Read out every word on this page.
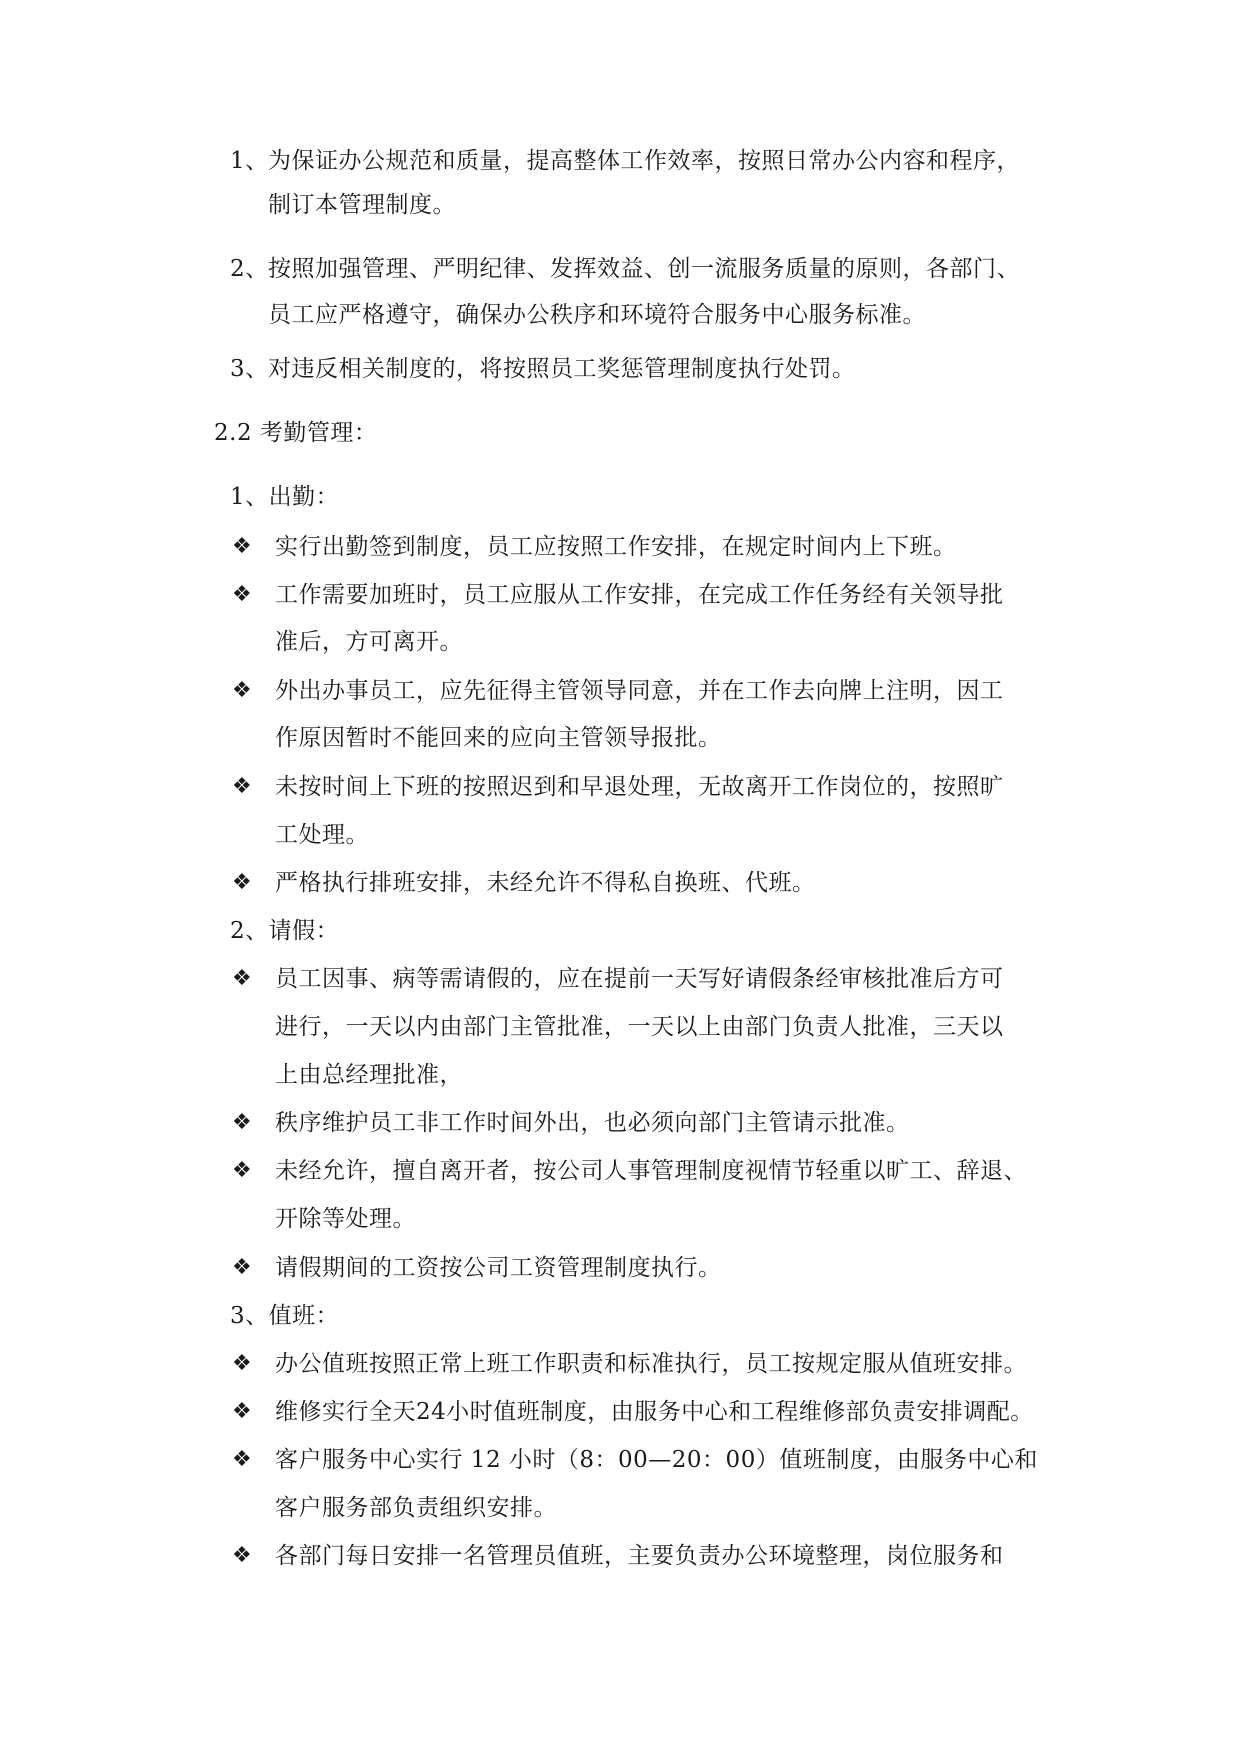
1、 为保证办公规范和质量，提高整体工作效率，按照日常办公内容和程序，
制订本管理制度。
2、 按照加强管理、严明纪律、发挥效益、创一流服务质量的原则，各部门、
员工应严格遵守，确保办公秩序和环境符合服务中心服务标准。
3、 对违反相关制度的，将按照员工奖惩管理制度执行处罚。
2.2 考勤管理：
1、出勤：
❖ 实行出勤签到制度，员工应按照工作安排，在规定时间内上下班。
❖ 工作需要加班时，员工应服从工作安排，在完成工作任务经有关领导批
准后，方可离开。
❖ 外出办事员工，应先征得主管领导同意，并在工作去向牌上注明，因工
作原因暂时不能回来的应向主管领导报批。
❖ 未按时间上下班的按照迟到和早退处理，无故离开工作岗位的，按照旷
工处理。
❖ 严格执行排班安排，未经允许不得私自换班、代班。
2、请假：
❖ 员工因事、病等需请假的，应在提前一天写好请假条经审核批准后方可
进行，一天以内由部门主管批准，一天以上由部门负责人批准，三天以
上由总经理批准，
❖ 秩序维护员工非工作时间外出，也必须向部门主管请示批准。
❖ 未经允许，擅自离开者，按公司人事管理制度视情节轻重以旷工、辞退、
开除等处理。
❖ 请假期间的工资按公司工资管理制度执行。
3、值班：
❖ 办公值班按照正常上班工作职责和标准执行，员工按规定服从值班安排。
❖ 维修实行全天24小时值班制度，由服务中心和工程维修部负责安排调配。
❖ 客户服务中心实行 12 小时（8：00—20：00）值班制度，由服务中心和
客户服务部负责组织安排。
❖ 各部门每日安排一名管理员值班，主要负责办公环境整理，岗位服务和
